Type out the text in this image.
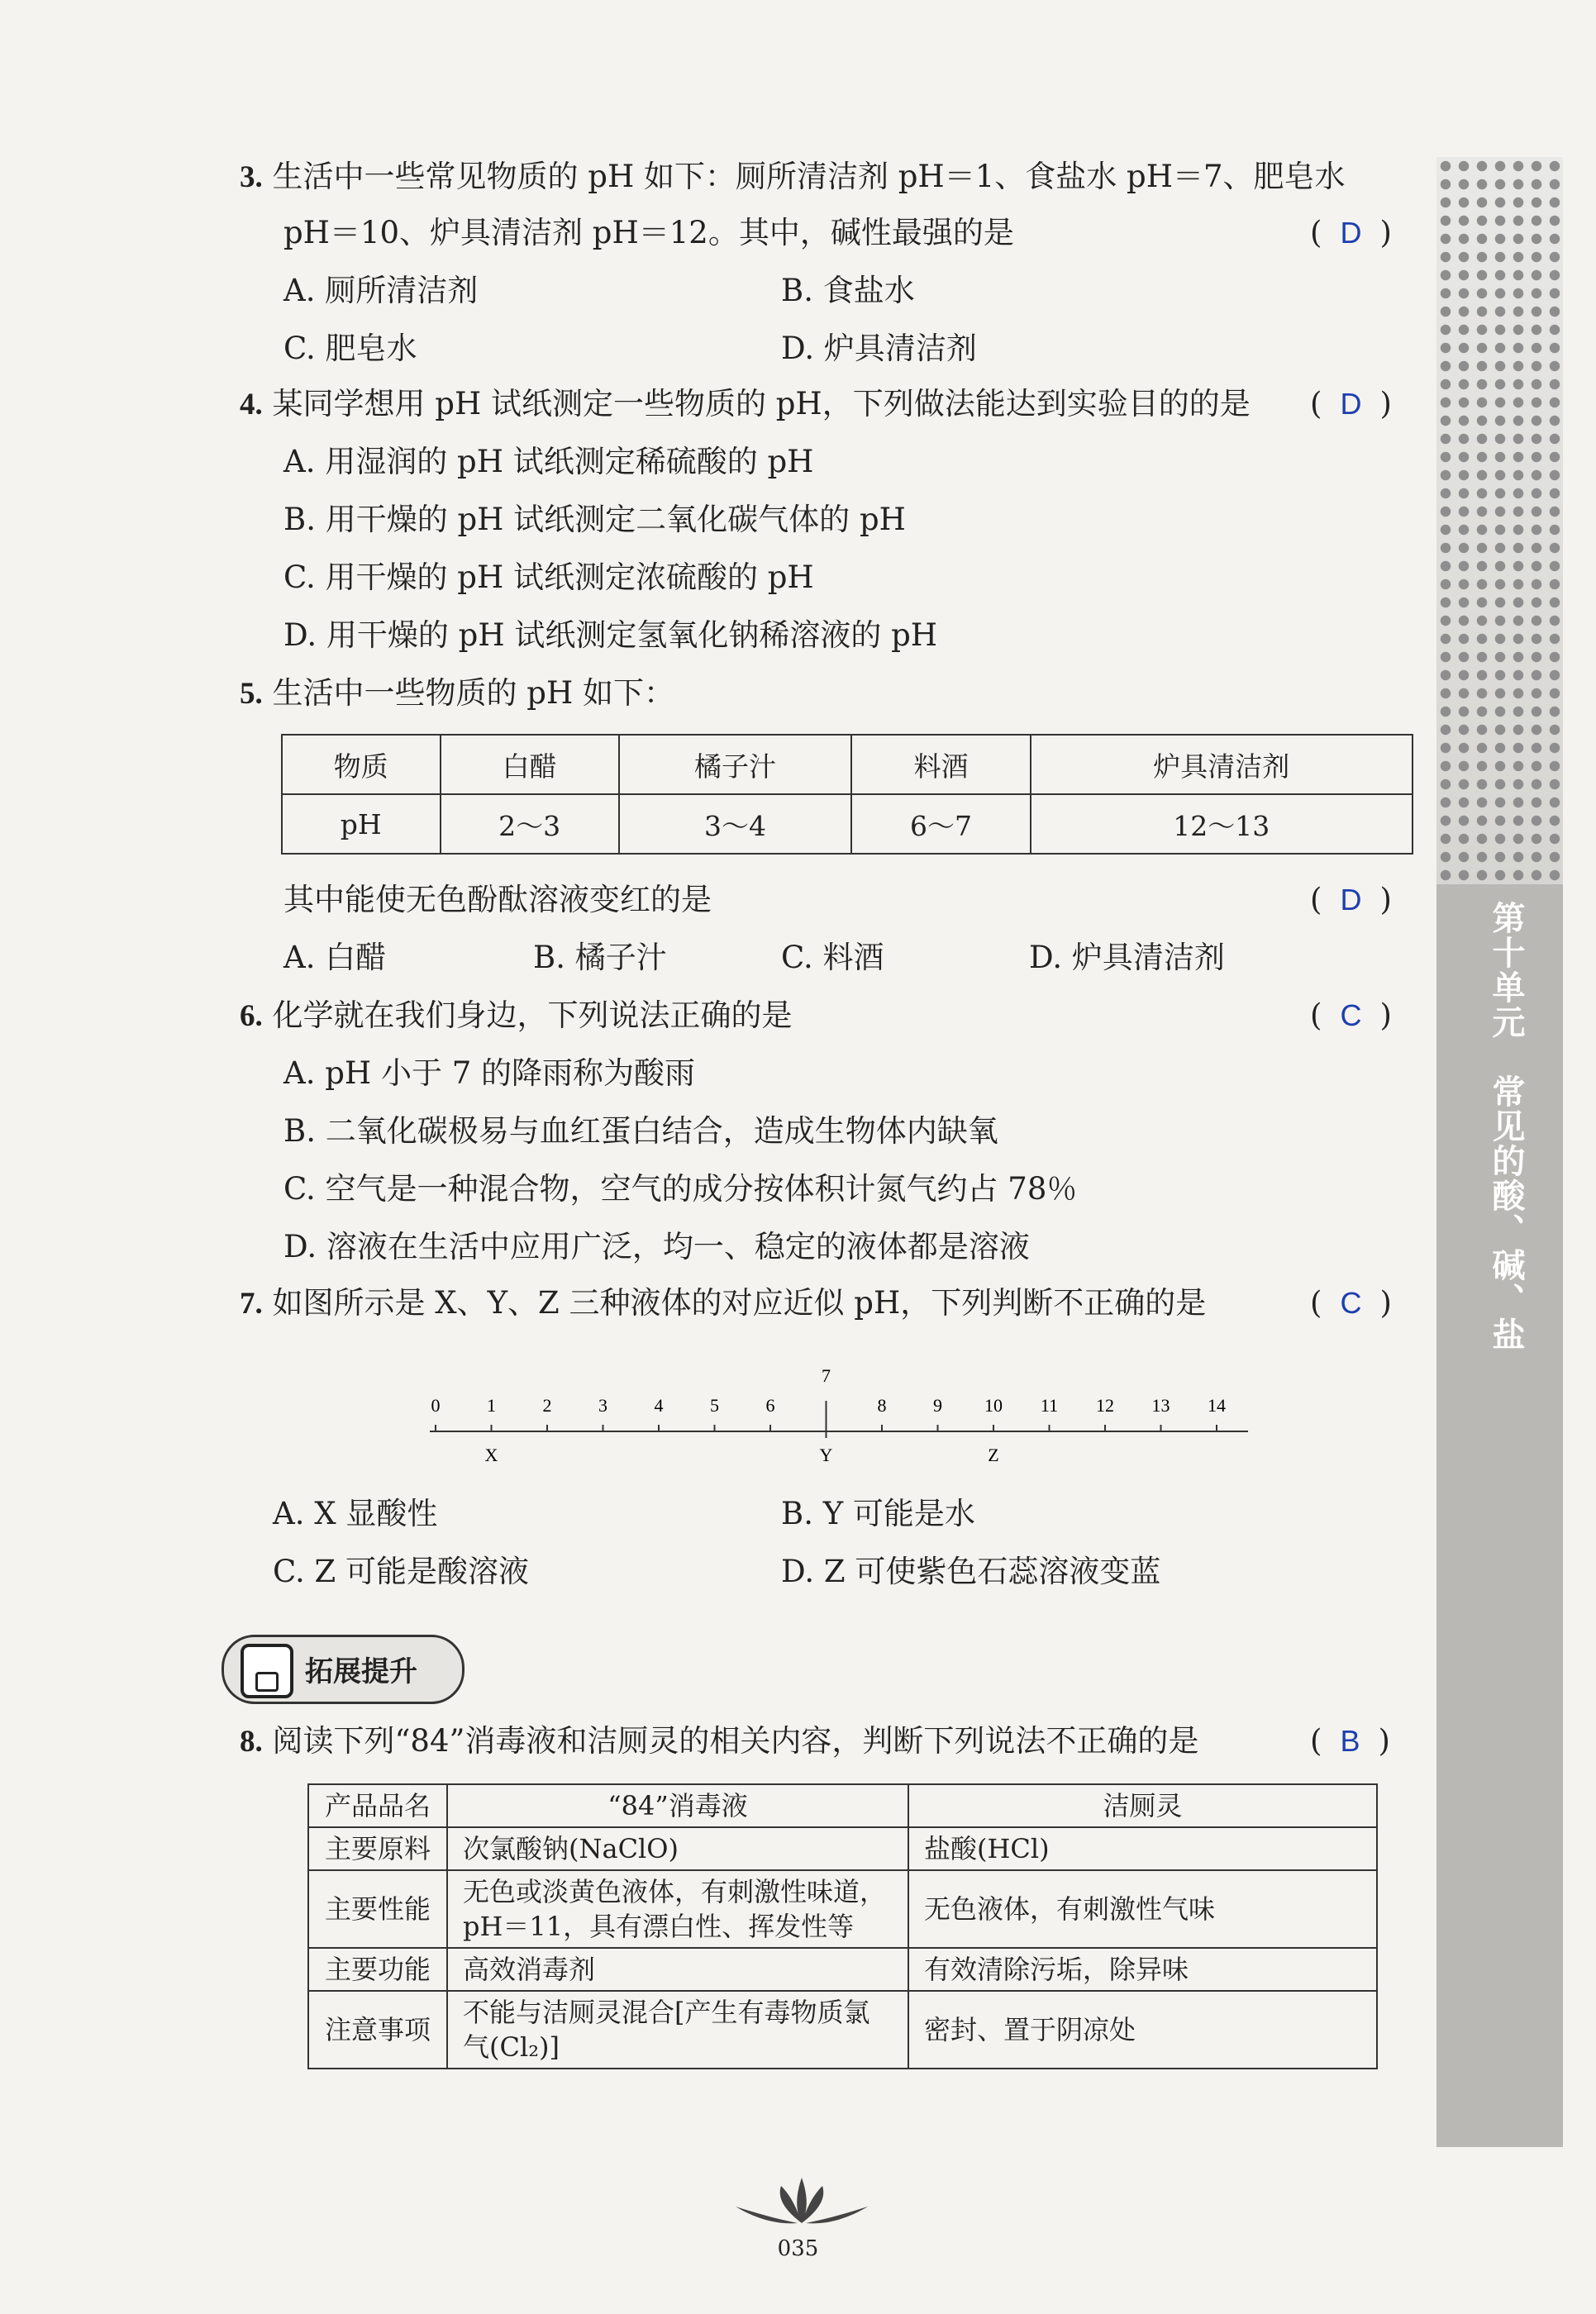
3. 生活中一些常见物质的 pH 如下：厕所清洁剂 pH＝1、食盐水 pH＝7、肥皂水
pH＝10、炉具清洁剂 pH＝12。其中，碱性最强的是	( D )
A. 厕所清洁剂	B. 食盐水
C. 肥皂水	D. 炉具清洁剂
4. 某同学想用 pH 试纸测定一些物质的 pH，下列做法能达到实验目的的是 ( D )
A. 用湿润的 pH 试纸测定稀硫酸的 pH
B. 用干燥的 pH 试纸测定二氧化碳气体的 pH
C. 用干燥的 pH 试纸测定浓硫酸的 pH
D. 用干燥的 pH 试纸测定氢氧化钠稀溶液的 pH
5. 生活中一些物质的 pH 如下：
物质	白醋	橘子汁	料酒	炉具清洁剂
pH	2～3	3～4	6～7	12～13
其中能使无色酚酞溶液变红的是	( D )
A. 白醋	B. 橘子汁	C. 料酒	D. 炉具清洁剂
6. 化学就在我们身边，下列说法正确的是	( C )
A. pH 小于 7 的降雨称为酸雨
B. 二氧化碳极易与血红蛋白结合，造成生物体内缺氧
C. 空气是一种混合物，空气的成分按体积计氮气约占 78％
D. 溶液在生活中应用广泛，均一、稳定的液体都是溶液
7. 如图所示是 X、Y、Z 三种液体的对应近似 pH，下列判断不正确的是	( C )
0	1	2	3	4	5	6
7
8	9 10 11 12 13 14
X	Y	Z
A. X 显酸性	B. Y 可能是水
C. Z 可能是酸溶液	D. Z 可使紫色石蕊溶液变蓝
拓展提升
8. 阅读下列“84”消毒液和洁厕灵的相关内容，判断下列说法不正确的是	( B )
产品品名	“84”消毒液	洁厕灵
主要原料	次氯酸钠(NaClO)	盐酸(HCl)
主要性能	无色或淡黄色液体，有刺激性味道，pH＝11，具有漂白性、挥发性等	无色液体，有刺激性气味
主要功能	高效消毒剂	有效清除污垢，除异味
注意事项	不能与洁厕灵混合[产生有毒物质氯气(Cl₂)]	密封、置于阴凉处
第十单元　常见的酸、碱、盐
035
